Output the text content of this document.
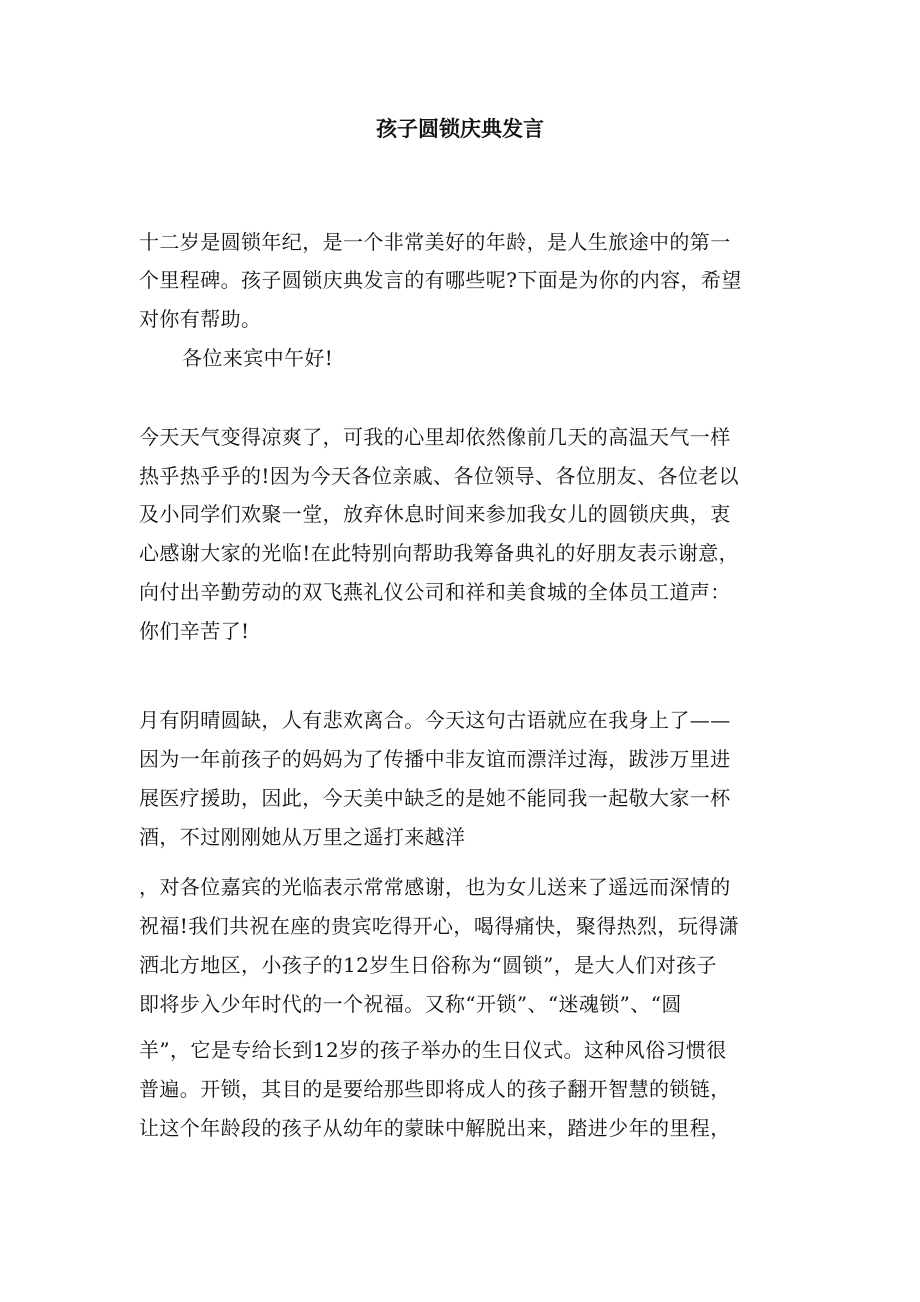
孩子圆锁庆典发言
十二岁是圆锁年纪，是一个非常美好的年龄，是人生旅途中的第一
个里程碑。孩子圆锁庆典发言的有哪些呢?下面是为你的内容，希望
对你有帮助。
各位来宾中午好!
今天天气变得凉爽了，可我的心里却依然像前几天的高温天气一样
热乎热乎乎的!因为今天各位亲戚、各位领导、各位朋友、各位老以
及小同学们欢聚一堂，放弃休息时间来参加我女儿的圆锁庆典，衷
心感谢大家的光临!在此特别向帮助我筹备典礼的好朋友表示谢意，
向付出辛勤劳动的双飞燕礼仪公司和祥和美食城的全体员工道声：
你们辛苦了!
月有阴晴圆缺，人有悲欢离合。今天这句古语就应在我身上了——
因为一年前孩子的妈妈为了传播中非友谊而漂洋过海，跋涉万里进
展医疗援助，因此，今天美中缺乏的是她不能同我一起敬大家一杯
酒，不过刚刚她从万里之遥打来越洋
，对各位嘉宾的光临表示常常感谢，也为女儿送来了遥远而深情的
祝福!我们共祝在座的贵宾吃得开心，喝得痛快，聚得热烈，玩得潇
洒北方地区，小孩子的12岁生日俗称为“圆锁”，是大人们对孩子
即将步入少年时代的一个祝福。又称“开锁”、“迷魂锁”、“圆
羊”，它是专给长到12岁的孩子举办的生日仪式。这种风俗习惯很
普遍。开锁，其目的是要给那些即将成人的孩子翻开智慧的锁链，
让这个年龄段的孩子从幼年的蒙昧中解脱出来，踏进少年的里程，
